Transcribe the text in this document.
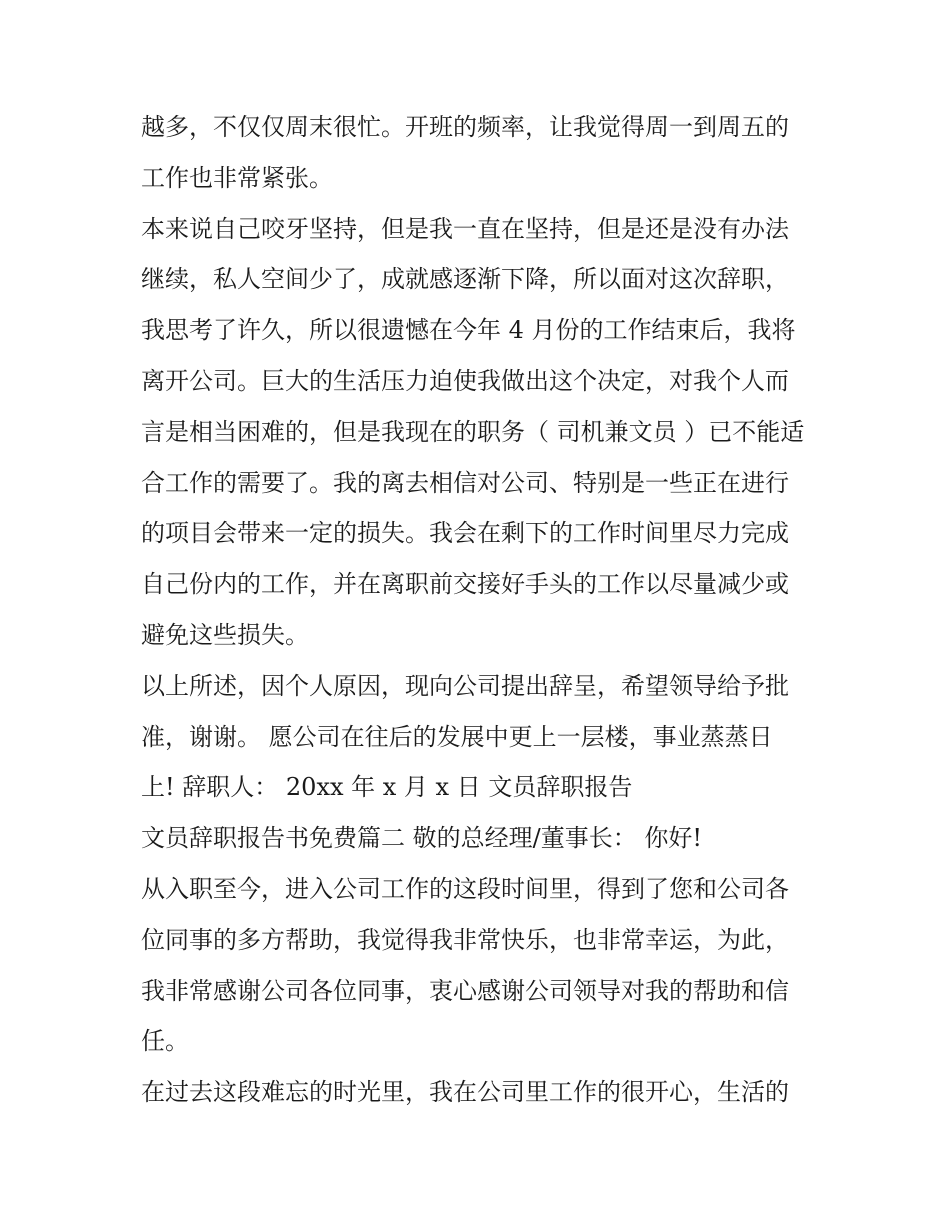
越多，不仅仅周末很忙。开班的频率，让我觉得周一到周五的
工作也非常紧张。
本来说自己咬牙坚持，但是我一直在坚持，但是还是没有办法
继续，私人空间少了，成就感逐渐下降，所以面对这次辞职，
我思考了许久，所以很遗憾在今年 4 月份的工作结束后，我将
离开公司。巨大的生活压力迫使我做出这个决定，对我个人而
言是相当困难的，但是我现在的职务（ 司机兼文员 ）已不能适
合工作的需要了。我的离去相信对公司、特别是一些正在进行
的项目会带来一定的损失。我会在剩下的工作时间里尽力完成
自己份内的工作，并在离职前交接好手头的工作以尽量减少或
避免这些损失。
以上所述，因个人原因，现向公司提出辞呈，希望领导给予批
准，谢谢。 愿公司在往后的发展中更上一层楼，事业蒸蒸日
上! 辞职人： 20xx 年 x 月 x 日 文员辞职报告
文员辞职报告书免费篇二 敬的总经理/董事长： 你好!
从入职至今，进入公司工作的这段时间里，得到了您和公司各
位同事的多方帮助，我觉得我非常快乐，也非常幸运，为此，
我非常感谢公司各位同事，衷心感谢公司领导对我的帮助和信
任。
在过去这段难忘的时光里，我在公司里工作的很开心，生活的
